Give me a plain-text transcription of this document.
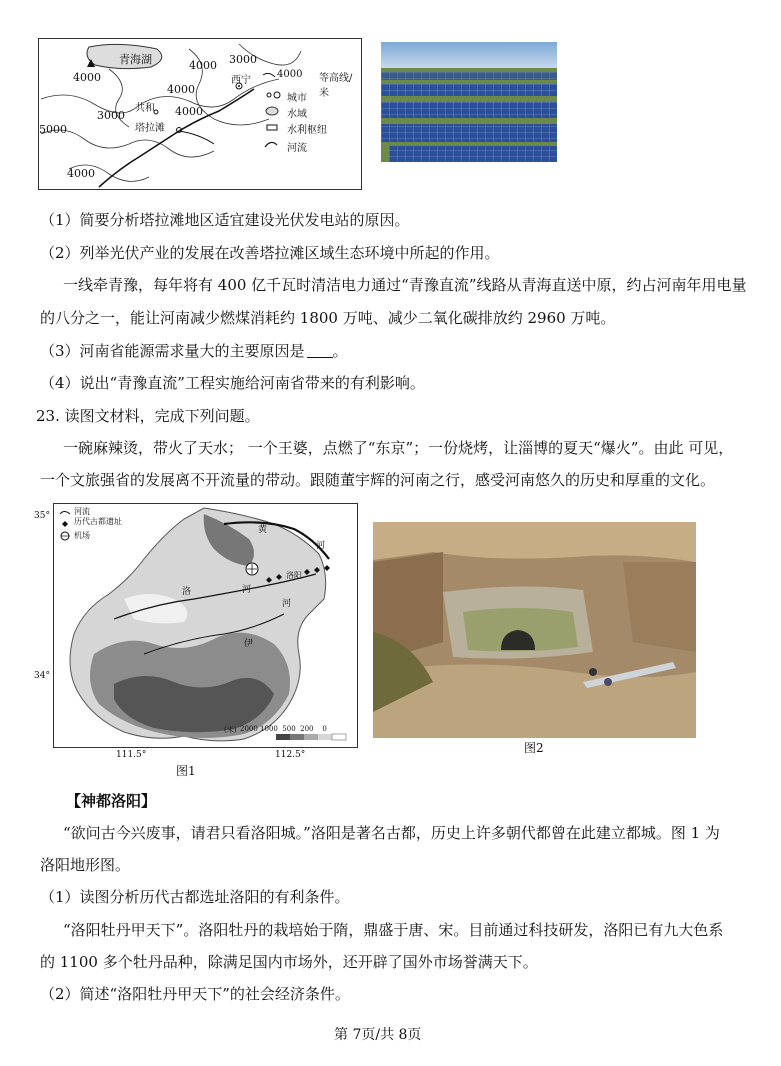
青海湖
4000
4000
4000 3000
3000
5000
4000
4000
西宁
共和
塔拉滩
4000 等高线/米
城市
水域
水利枢纽
河流
（1）简要分析塔拉滩地区适宜建设光伏发电站的原因。
（2）列举光伏产业的发展在改善塔拉滩区域生态环境中所起的作用。
一线牵青豫，每年将有 400 亿千瓦时清洁电力通过“青豫直流”线路从青海直送中原，约占河南年用电量
的八分之一，能让河南减少燃煤消耗约 1800 万吨、减少二氧化碳排放约 2960 万吨。
（3）河南省能源需求量大的主要原因是 。
（4）说出“青豫直流”工程实施给河南省带来的有利影响。
23. 读图文材料，完成下列问题。
一碗麻辣烫，带火了天水； 一个王婆，点燃了“东京”；一份烧烤，让淄博的夏天“爆火”。由此 可见，
一个文旅强省的发展离不开流量的带动。跟随董宇辉的河南之行，感受河南悠久的历史和厚重的文化。
35°
34°
河流
历代古都遗址
机场
黄
河
洛	河
伊
河
洛阳
(米) 2000 1000  500  200    0
111.5°	112.5°
图1
图2
【神都洛阳】
“欲问古今兴废事，请君只看洛阳城。”洛阳是著名古都，历史上许多朝代都曾在此建立都城。图 1 为
洛阳地形图。
（1）读图分析历代古都选址洛阳的有利条件。
“洛阳牡丹甲天下”。洛阳牡丹的栽培始于隋，鼎盛于唐、宋。目前通过科技研发，洛阳已有九大色系
的 1100 多个牡丹品种，除满足国内市场外，还开辟了国外市场誉满天下。
（2）简述“洛阳牡丹甲天下”的社会经济条件。
第 7页/共 8页
